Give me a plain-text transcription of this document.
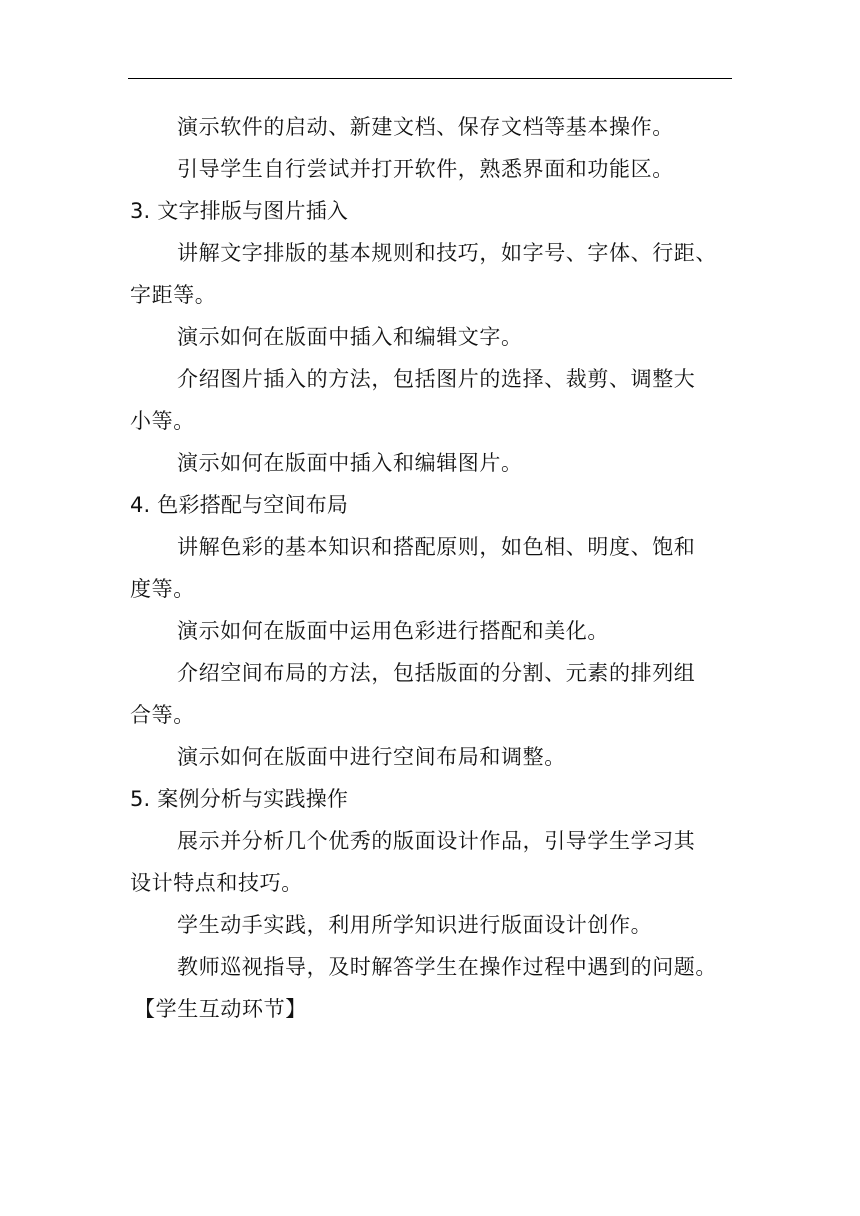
演示软件的启动、新建文档、保存文档等基本操作。
引导学生自行尝试并打开软件，熟悉界面和功能区。
3. 文字排版与图片插入
讲解文字排版的基本规则和技巧，如字号、字体、行距、
字距等。
演示如何在版面中插入和编辑文字。
介绍图片插入的方法，包括图片的选择、裁剪、调整大
小等。
演示如何在版面中插入和编辑图片。
4. 色彩搭配与空间布局
讲解色彩的基本知识和搭配原则，如色相、明度、饱和
度等。
演示如何在版面中运用色彩进行搭配和美化。
介绍空间布局的方法，包括版面的分割、元素的排列组
合等。
演示如何在版面中进行空间布局和调整。
5. 案例分析与实践操作
展示并分析几个优秀的版面设计作品，引导学生学习其
设计特点和技巧。
学生动手实践，利用所学知识进行版面设计创作。
教师巡视指导，及时解答学生在操作过程中遇到的问题。
【学生互动环节】
